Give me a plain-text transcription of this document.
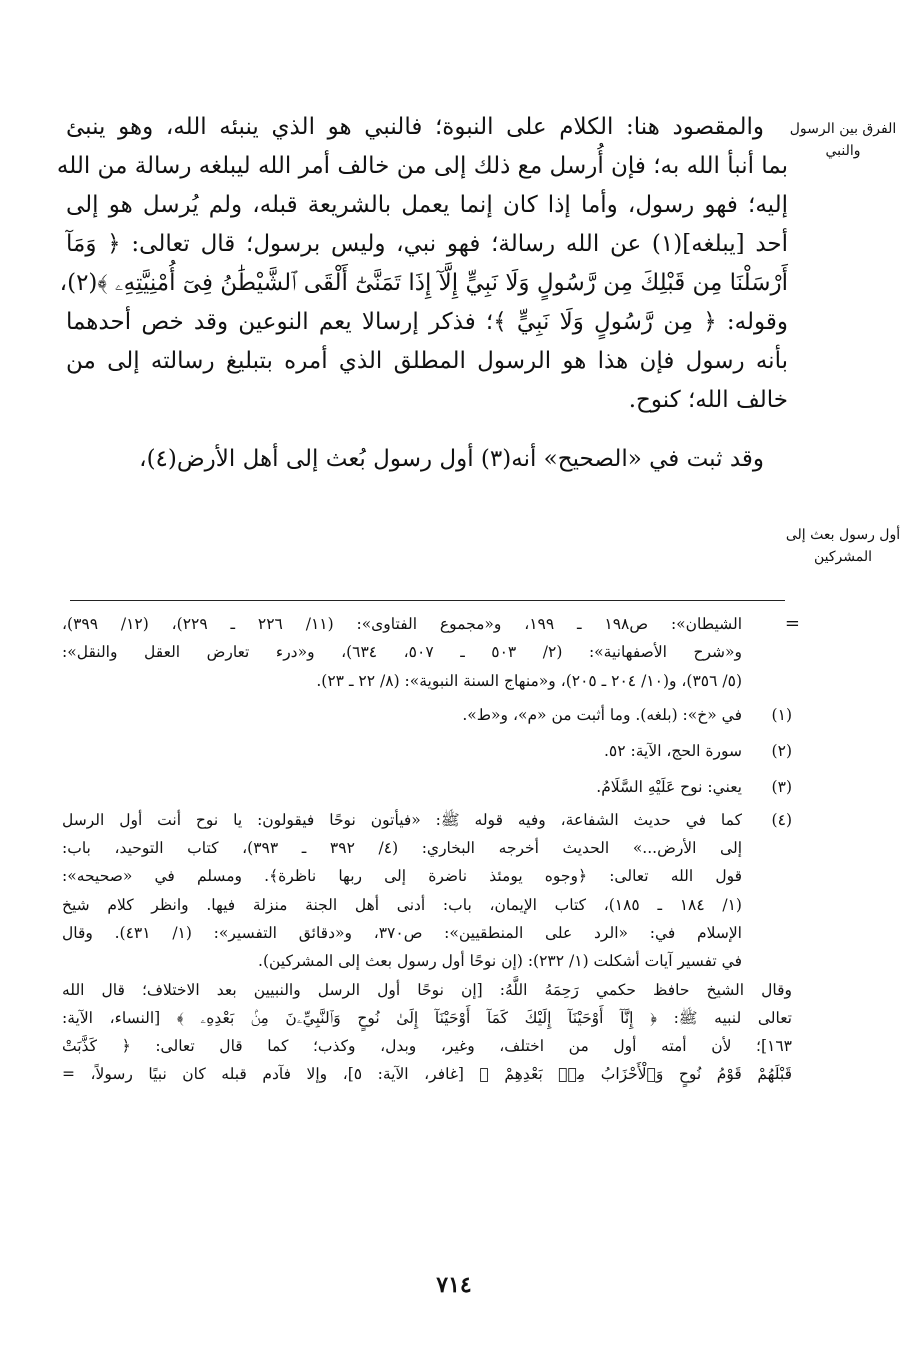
الفرق بين الرسول والنبي
أول رسول بعث إلى المشركين
والمقصود هنا: الكلام على النبوة؛ فالنبي هو الذي ينبئه الله، وهو ينبئ
بما أنبأ الله به؛ فإن أُرسل مع ذلك إلى من خالف أمر الله ليبلغه رسالة من الله
إليه؛ فهو رسول، وأما إذا كان إنما يعمل بالشريعة قبله، ولم يُرسل هو إلى
أحد [يبلغه](١) عن الله رسالة؛ فهو نبي، وليس برسول؛ قال تعالى: ﴿ وَمَآ
أَرْسَلْنَا مِن قَبْلِكَ مِن رَّسُولٍ وَلَا نَبِيٍّ إِلَّآ إِذَا تَمَنَّىٰٓ أَلْقَى ٱلشَّيْطَٰنُ فِىٓ أُمْنِيَّتِهِۦ ﴾(٢)،
وقوله: ﴿ مِن رَّسُولٍ وَلَا نَبِيٍّ ﴾؛ فذكر إرسالا يعم النوعين وقد خص أحدهما
بأنه رسول فإن هذا هو الرسول المطلق الذي أمره بتبليغ رسالته إلى من
خالف الله؛ كنوح.
وقد ثبت في «الصحيح» أنه(٣) أول رسول بُعث إلى أهل الأرض(٤)،
=
الشيطان»: ص١٩٨ ـ ١٩٩، و«مجموع الفتاوى»: (١١/ ٢٢٦ ـ ٢٢٩)، (١٢/ ٣٩٩)،
و«شرح الأصفهانية»: (٢/ ٥٠٣ ـ ٥٠٧، ٦٣٤)، و«درء تعارض العقل والنقل»:
(٥/ ٣٥٦)، و(١٠/ ٢٠٤ ـ ٢٠٥)، و«منهاج السنة النبوية»: (٨/ ٢٢ ـ ٢٣).
(١)
في «خ»: (بلغه). وما أثبت من «م»، و«ط».
(٢)
سورة الحج، الآية: ٥٢.
(٣)
يعني: نوح عَلَيْهِ السَّلَامُ.
(٤)
كما في حديث الشفاعة، وفيه قوله ﷺ: «فيأتون نوحًا فيقولون: يا نوح أنت أول الرسل
إلى الأرض...» الحديث أخرجه البخاري: (٤/ ٣٩٢ ـ ٣٩٣)، كتاب التوحيد، باب:
قول الله تعالى: ﴿وجوه يومئذ ناضرة إلى ربها ناظرة﴾. ومسلم في «صحيحه»:
(١/ ١٨٤ ـ ١٨٥)، كتاب الإيمان، باب: أدنى أهل الجنة منزلة فيها. وانظر كلام شيخ
الإسلام في: «الرد على المنطقيين»: ص٣٧٠، و«دقائق التفسير»: (١/ ٤٣١). وقال
في تفسير آيات أشكلت (١/ ٢٣٢): (إن نوحًا أول رسول بعث إلى المشركين).
وقال الشيخ حافظ حكمي رَحِمَهُ اللَّهُ: [إن نوحًا أول الرسل والنبيين بعد الاختلاف؛ قال الله
تعالى لنبيه ﷺ: ﴿ إِنَّآ أَوْحَيْنَآ إِلَيْكَ كَمَآ أَوْحَيْنَآ إِلَىٰ نُوحٍ وَٱلنَّبِيِّۦنَ مِنۢ بَعْدِهِۦ ﴾ [النساء، الآية:
١٦٣]؛ لأن أمته أول من اختلف، وغير، وبدل، وكذب؛ كما قال تعالى: ﴿ كَذَّبَتْ
قَبْلَهُمْ قَوْمُ نُوحٍ وَٱلْأَحْزَابُ مِنۢ بَعْدِهِمْ ﴾ [غافر، الآية: ٥]، وإلا فآدم قبله كان نبيًا رسولاً، =
٧١٤
